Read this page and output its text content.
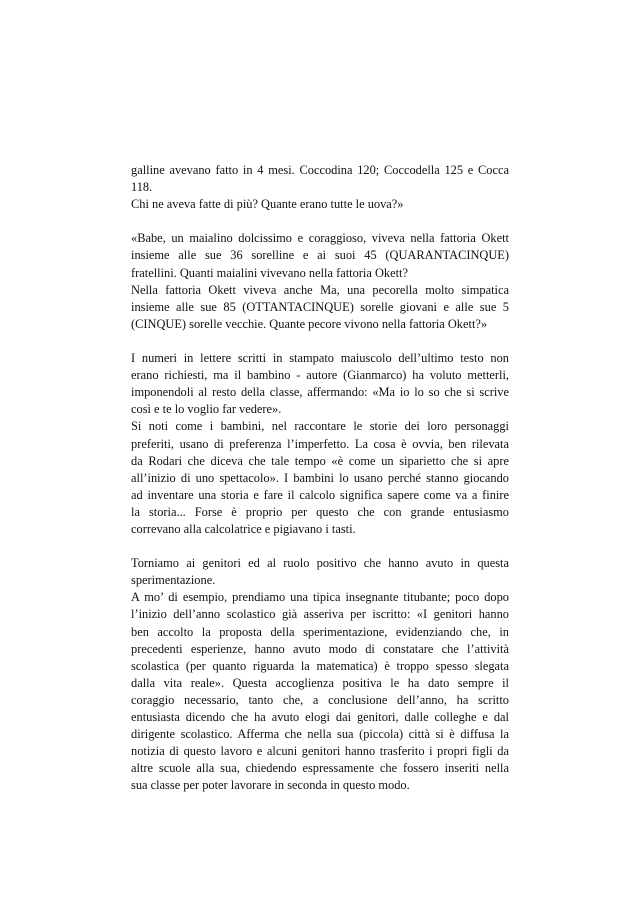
galline avevano fatto in 4 mesi. Coccodina 120; Coccodella 125 e Cocca
118.
Chi ne aveva fatte di più? Quante erano tutte le uova?»
«Babe, un maialino dolcissimo e coraggioso, viveva nella fattoria Okett
insieme alle sue 36 sorelline e ai suoi 45 (QUARANTACINQUE)
fratellini. Quanti maialini vivevano nella fattoria Okett?
Nella fattoria Okett viveva anche Ma, una pecorella molto simpatica
insieme alle sue 85 (OTTANTACINQUE) sorelle giovani e alle sue 5
(CINQUE) sorelle vecchie. Quante pecore vivono nella fattoria Okett?»
I numeri in lettere scritti in stampato maiuscolo dell’ultimo testo non
erano richiesti, ma il bambino - autore (Gianmarco) ha voluto metterli,
imponendoli al resto della classe, affermando: «Ma io lo so che si scrive
così e te lo voglio far vedere».
Si noti come i bambini, nel raccontare le storie dei loro personaggi
preferiti, usano di preferenza l’imperfetto. La cosa è ovvia, ben rilevata
da Rodari che diceva che tale tempo «è come un siparietto che si apre
all’inizio di uno spettacolo». I bambini lo usano perché stanno giocando
ad inventare una storia e fare il calcolo significa sapere come va a finire
la storia... Forse è proprio per questo che con grande entusiasmo
correvano alla calcolatrice e pigiavano i tasti.
Torniamo ai genitori ed al ruolo positivo che hanno avuto in questa
sperimentazione.
A mo’ di esempio, prendiamo una tipica insegnante titubante; poco dopo
l’inizio dell’anno scolastico già asseriva per iscritto: «I genitori hanno
ben accolto la proposta della sperimentazione, evidenziando che, in
precedenti esperienze, hanno avuto modo di constatare che l’attività
scolastica (per quanto riguarda la matematica) è troppo spesso slegata
dalla vita reale». Questa accoglienza positiva le ha dato sempre il
coraggio necessario, tanto che, a conclusione dell’anno, ha scritto
entusiasta dicendo che ha avuto elogi dai genitori, dalle colleghe e dal
dirigente scolastico. Afferma che nella sua (piccola) città si è diffusa la
notizia di questo lavoro e alcuni genitori hanno trasferito i propri figli da
altre scuole alla sua, chiedendo espressamente che fossero inseriti nella
sua classe per poter lavorare in seconda in questo modo.
